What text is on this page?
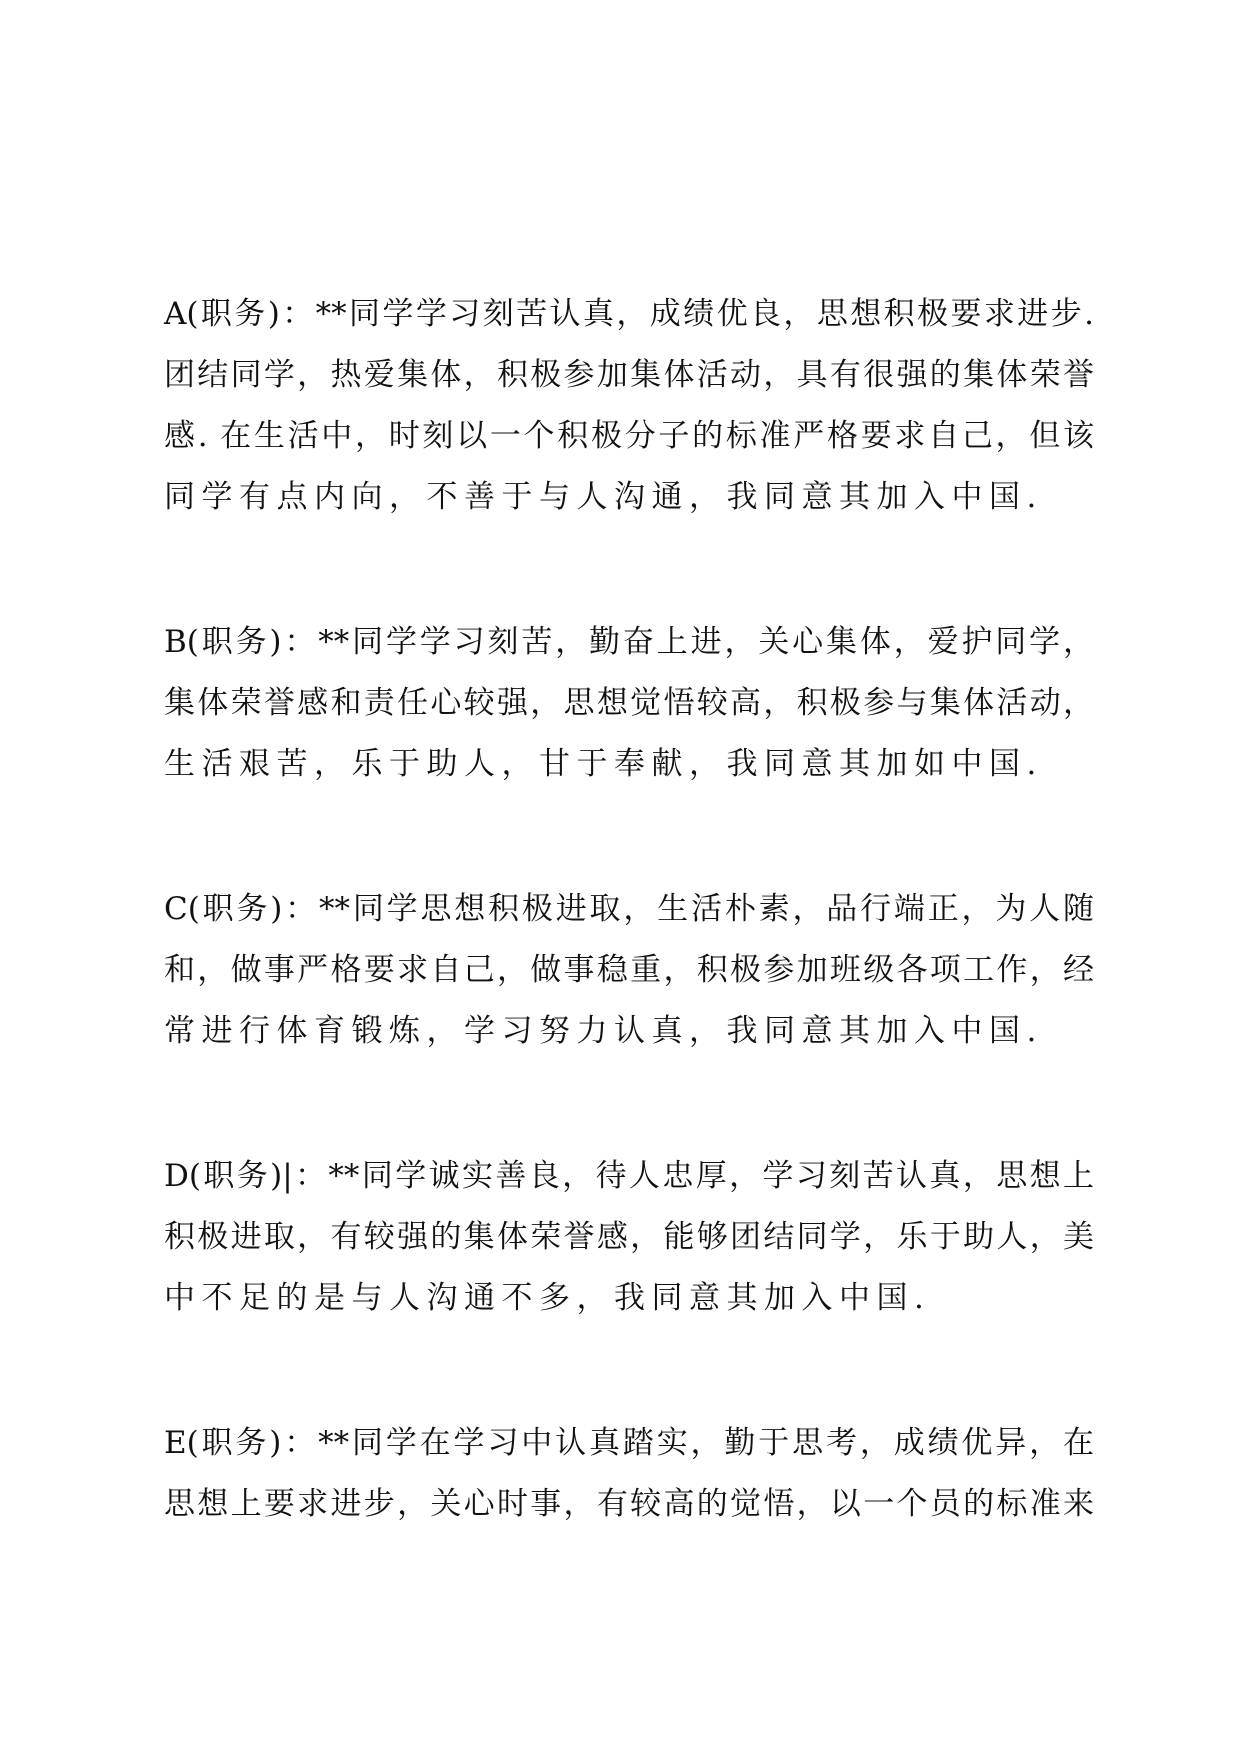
A(职务)：**同学学习刻苦认真，成绩优良，思想积极要求进步.
团结同学，热爱集体，积极参加集体活动，具有很强的集体荣誉
感. 在生活中，时刻以一个积极分子的标准严格要求自己，但该
同学有点内向，不善于与人沟通，我同意其加入中国.
B(职务)：**同学学习刻苦，勤奋上进，关心集体，爱护同学，
集体荣誉感和责任心较强，思想觉悟较高，积极参与集体活动，
生活艰苦，乐于助人，甘于奉献，我同意其加如中国.
C(职务)：**同学思想积极进取，生活朴素，品行端正，为人随
和，做事严格要求自己，做事稳重，积极参加班级各项工作，经
常进行体育锻炼，学习努力认真，我同意其加入中国.
D(职务)|：**同学诚实善良，待人忠厚，学习刻苦认真，思想上
积极进取，有较强的集体荣誉感，能够团结同学，乐于助人，美
中不足的是与人沟通不多，我同意其加入中国.
E(职务)：**同学在学习中认真踏实，勤于思考，成绩优异，在
思想上要求进步，关心时事，有较高的觉悟，以一个员的标准来
